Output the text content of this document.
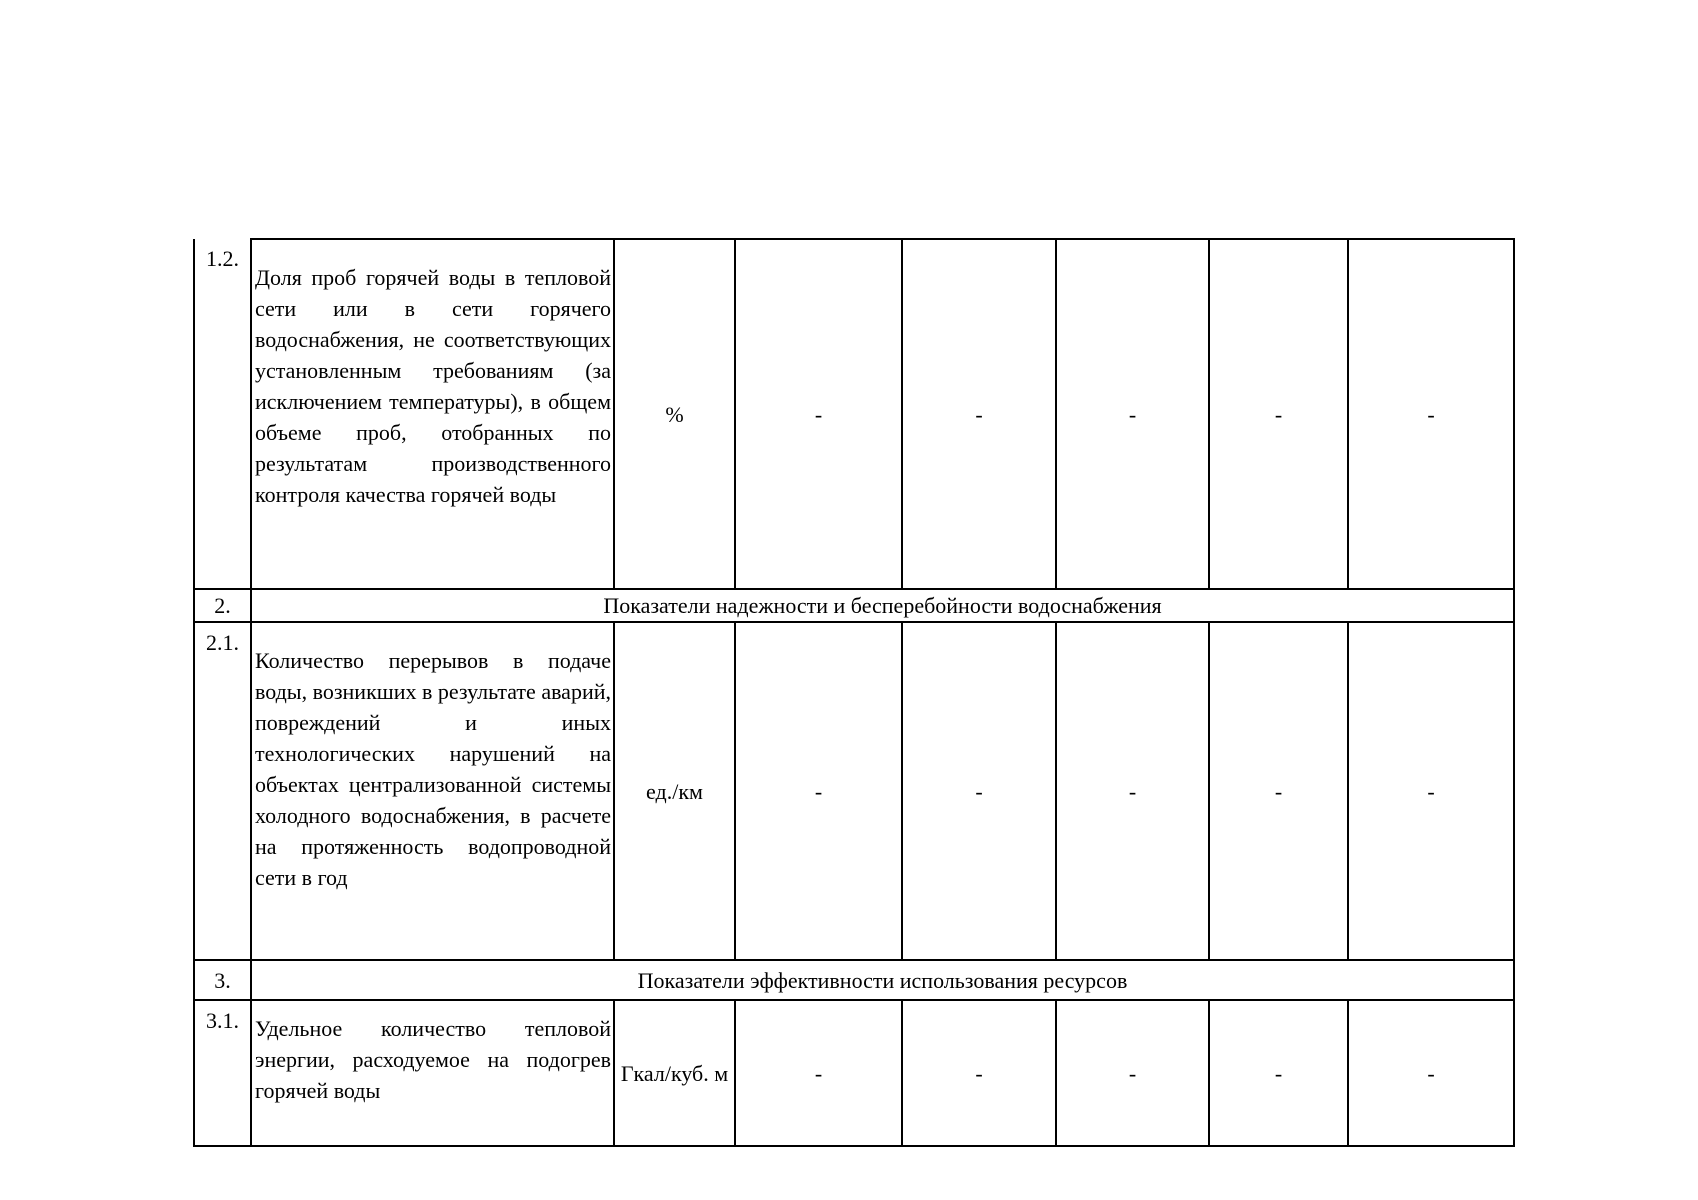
1.2.	Доля проб горячей воды в тепловой сети или в сети горячего водоснабжения, не соответствующих установленным требованиям (за исключением температуры), в общем объеме проб, отобранных по результатам производственного контроля качества горячей воды	%	-	-	-	-	-
2.	Показатели надежности и бесперебойности водоснабжения						
2.1.	Количество перерывов в подаче воды, возникших в результате аварий, повреждений и иных технологических нарушений на объектах централизованной системы холодного водоснабжения, в расчете на протяженность водопроводной сети в год	ед./км	-	-	-	-	-
3.	Показатели эффективности использования ресурсов						
3.1.	Удельное количество тепловой энергии, расходуемое на подогрев горячей воды	Гкал/куб. м	-	-	-	-	-
